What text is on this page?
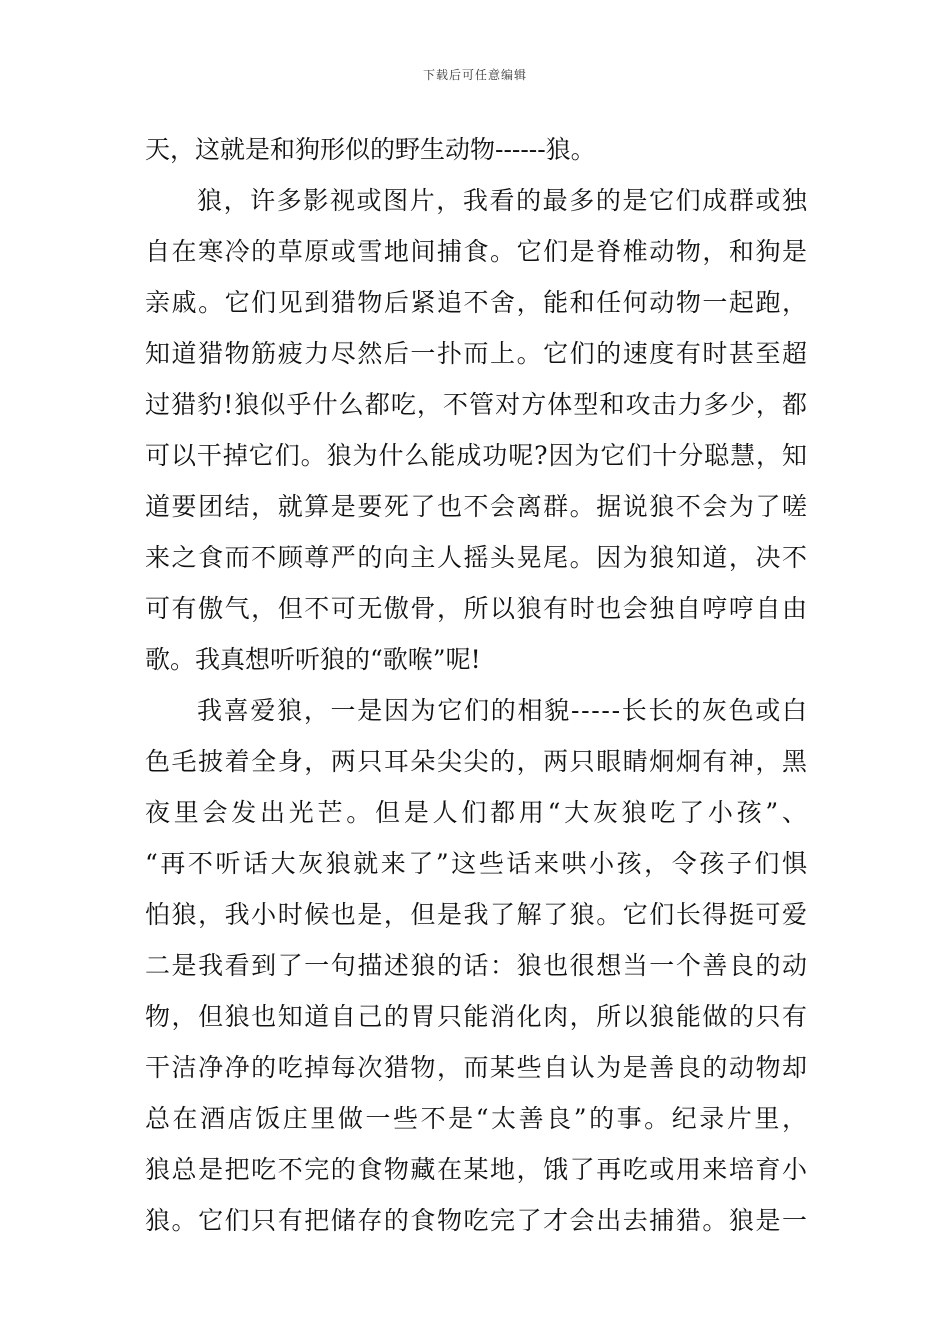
下载后可任意编辑
天，这就是和狗形似的野生动物------狼。
狼，许多影视或图片，我看的最多的是它们成群或独
自在寒冷的草原或雪地间捕食。它们是脊椎动物，和狗是
亲戚。它们见到猎物后紧追不舍，能和任何动物一起跑，
知道猎物筋疲力尽然后一扑而上。它们的速度有时甚至超
过猎豹!狼似乎什么都吃，不管对方体型和攻击力多少，都
可以干掉它们。狼为什么能成功呢?因为它们十分聪慧，知
道要团结，就算是要死了也不会离群。据说狼不会为了嗟
来之食而不顾尊严的向主人摇头晃尾。因为狼知道，决不
可有傲气，但不可无傲骨，所以狼有时也会独自哼哼自由
歌。我真想听听狼的“歌喉”呢!
我喜爱狼，一是因为它们的相貌-----长长的灰色或白
色毛披着全身，两只耳朵尖尖的，两只眼睛炯炯有神，黑
夜里会发出光芒。但是人们都用“大灰狼吃了小孩”、
“再不听话大灰狼就来了”这些话来哄小孩，令孩子们惧
怕狼，我小时候也是，但是我了解了狼。它们长得挺可爱
二是我看到了一句描述狼的话：狼也很想当一个善良的动
物，但狼也知道自己的胃只能消化肉，所以狼能做的只有
干洁净净的吃掉每次猎物，而某些自认为是善良的动物却
总在酒店饭庄里做一些不是“太善良”的事。纪录片里，
狼总是把吃不完的食物藏在某地，饿了再吃或用来培育小
狼。它们只有把储存的食物吃完了才会出去捕猎。狼是一
